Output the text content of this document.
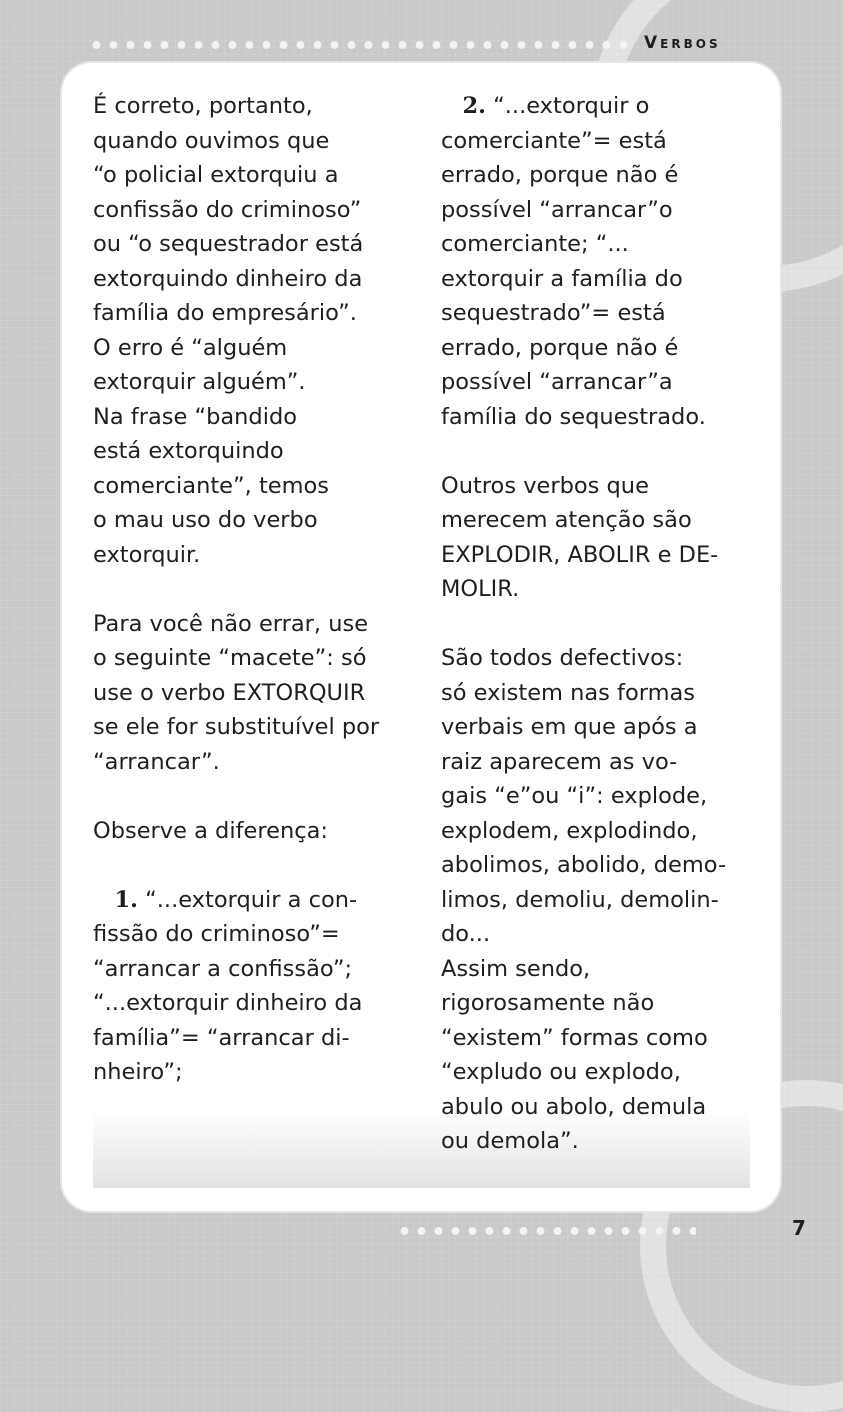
Verbos

É correto, portanto,
quando ouvimos que
“o policial extorquiu a
confissão do criminoso”
ou “o sequestrador está
extorquindo dinheiro da
família do empresário”.
O erro é “alguém
extorquir alguém”.
Na frase “bandido
está extorquindo
comerciante”, temos
o mau uso do verbo
extorquir.

Para você não errar, use
o seguinte “macete”: só
use o verbo EXTORQUIR
se ele for substituível por
“arrancar”.

Observe a diferença:

1. “...extorquir a con-
fissão do criminoso”=
“arrancar a confissão”;
“...extorquir dinheiro da
família”= “arrancar di-
nheiro”;

2. “...extorquir o
comerciante”= está
errado, porque não é
possível “arrancar”o
comerciante; “...
extorquir a família do
sequestrado”= está
errado, porque não é
possível “arrancar”a
família do sequestrado.

Outros verbos que
merecem atenção são
EXPLODIR, ABOLIR e DE-
MOLIR.

São todos defectivos:
só existem nas formas
verbais em que após a
raiz aparecem as vo-
gais “e”ou “i”: explode,
explodem, explodindo,
abolimos, abolido, demo-
limos, demoliu, demolin-
do...

Assim sendo,
rigorosamente não
“existem” formas como
“expludo ou explodo,
abulo ou abolo, demula
ou demola”.

7
